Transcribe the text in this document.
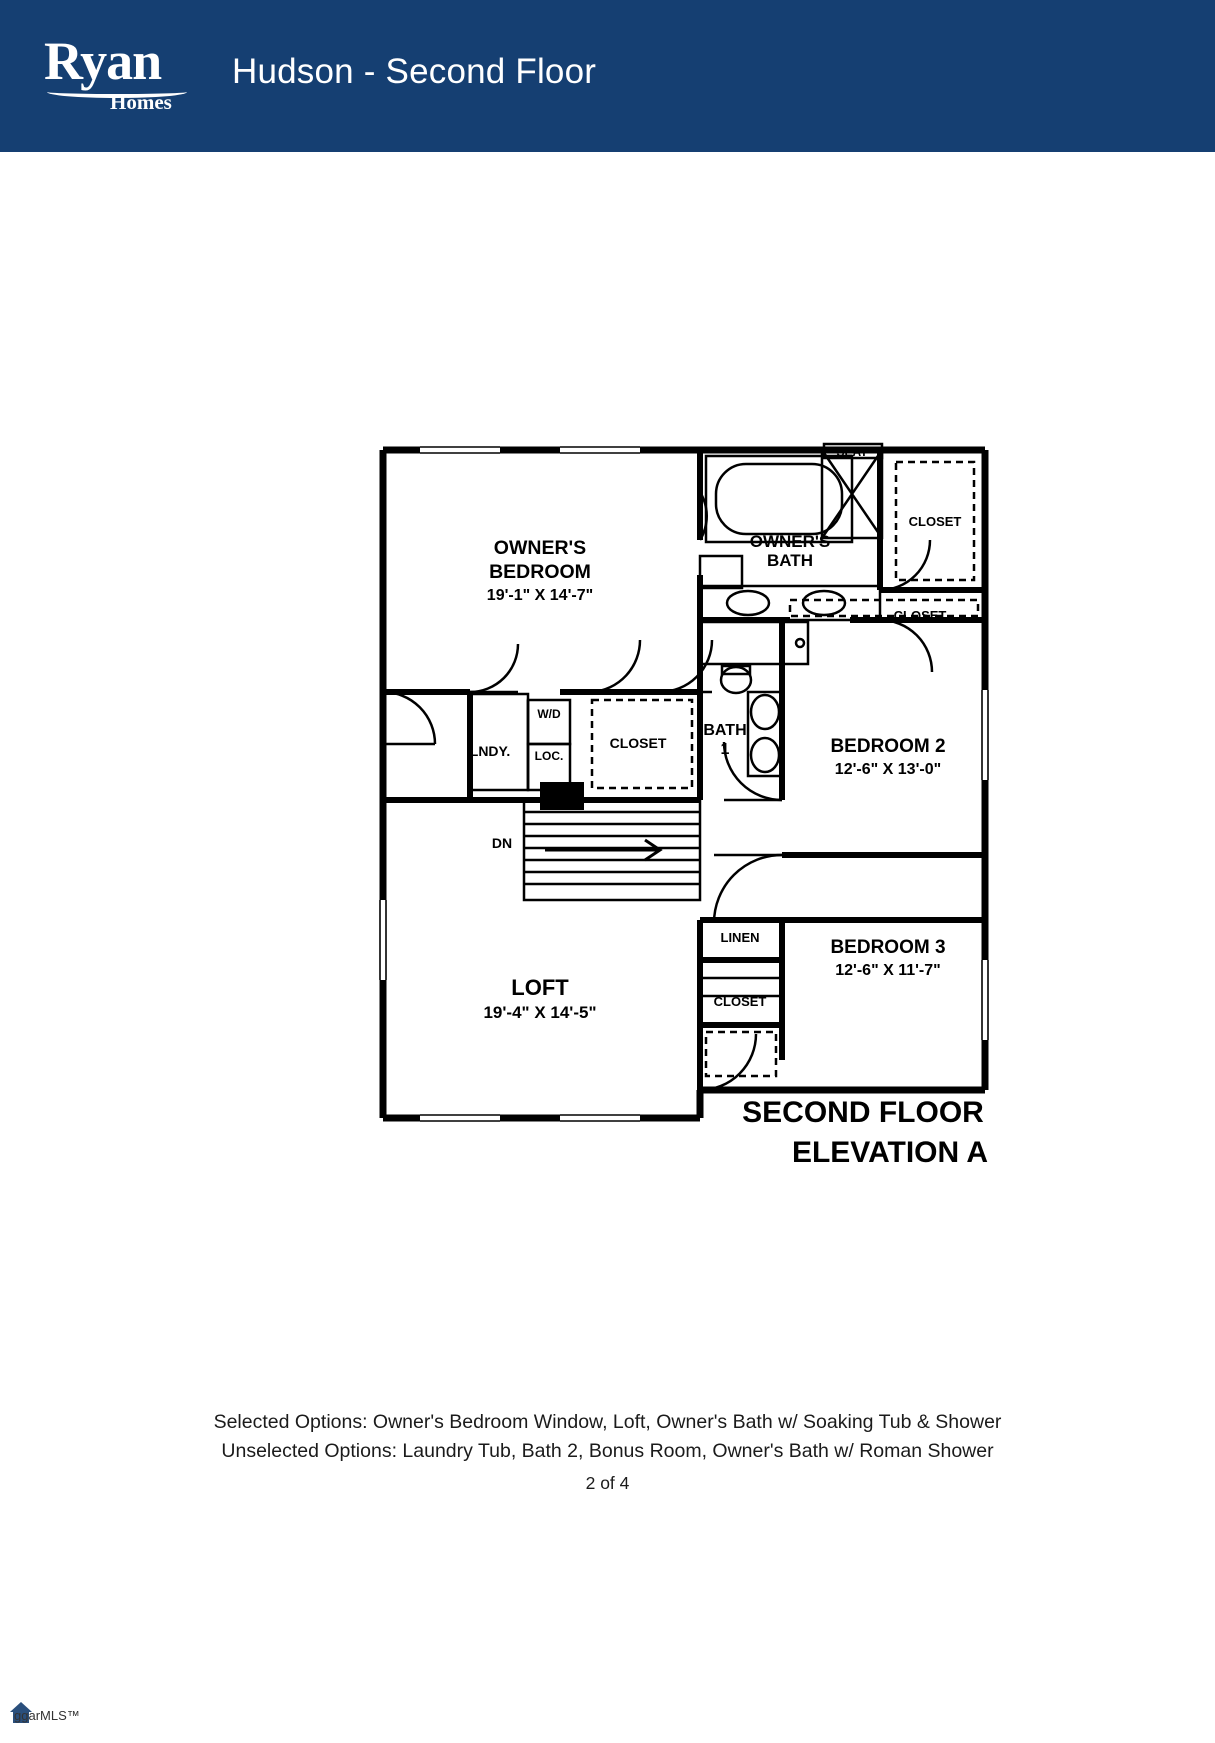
Ryan
Homes
Hudson - Second Floor
OWNER'S
BEDROOM
19'-1" X 14'-7"
OWNER'S
BATH
BEDROOM 2
12'-6" X 13'-0"
BEDROOM 3
12'-6" X 11'-7"
LOFT
19'-4" X 14'-5"
BATH
1
SEAT
CLOSET
CLOSET
CLOSET
CLOSET
LINEN
LNDY.
W/D
LOC.
DN
SECOND FLOOR
ELEVATION A
Selected Options: Owner's Bedroom Window, Loft, Owner's Bath w/ Soaking Tub & Shower
Unselected Options: Laundry Tub, Bath 2, Bonus Room, Owner's Bath w/ Roman Shower
2 of 4
ggarMLS™
